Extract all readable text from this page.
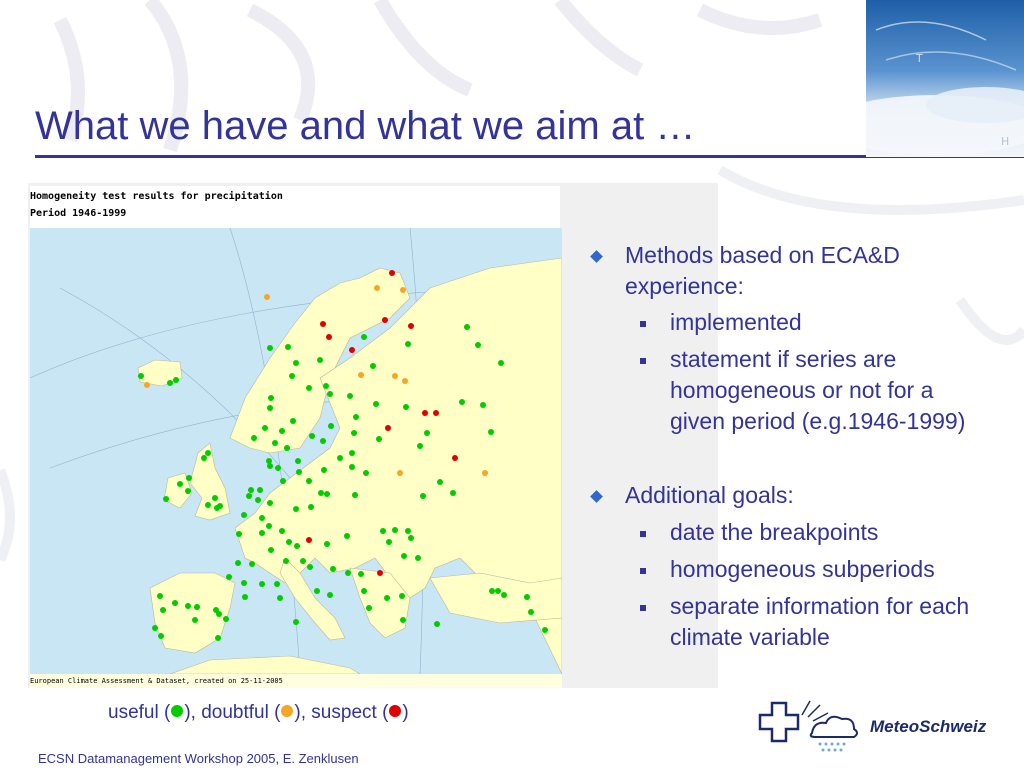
What we have and what we aim at …
T
H
Homogeneity test results for precipitation
Period 1946-1999
European Climate Assessment & Dataset, created on 25-11-2005
Methods based on ECA&D
experience:
implemented
statement if series are
homogeneous or not for a
given period (e.g.1946-1999)
Additional goals:
date the breakpoints
homogeneous subperiods
separate information for each
climate variable
useful ( ), doubtful ( ), suspect ( )
MeteoSchweiz
ECSN Datamanagement Workshop 2005, E. Zenklusen
